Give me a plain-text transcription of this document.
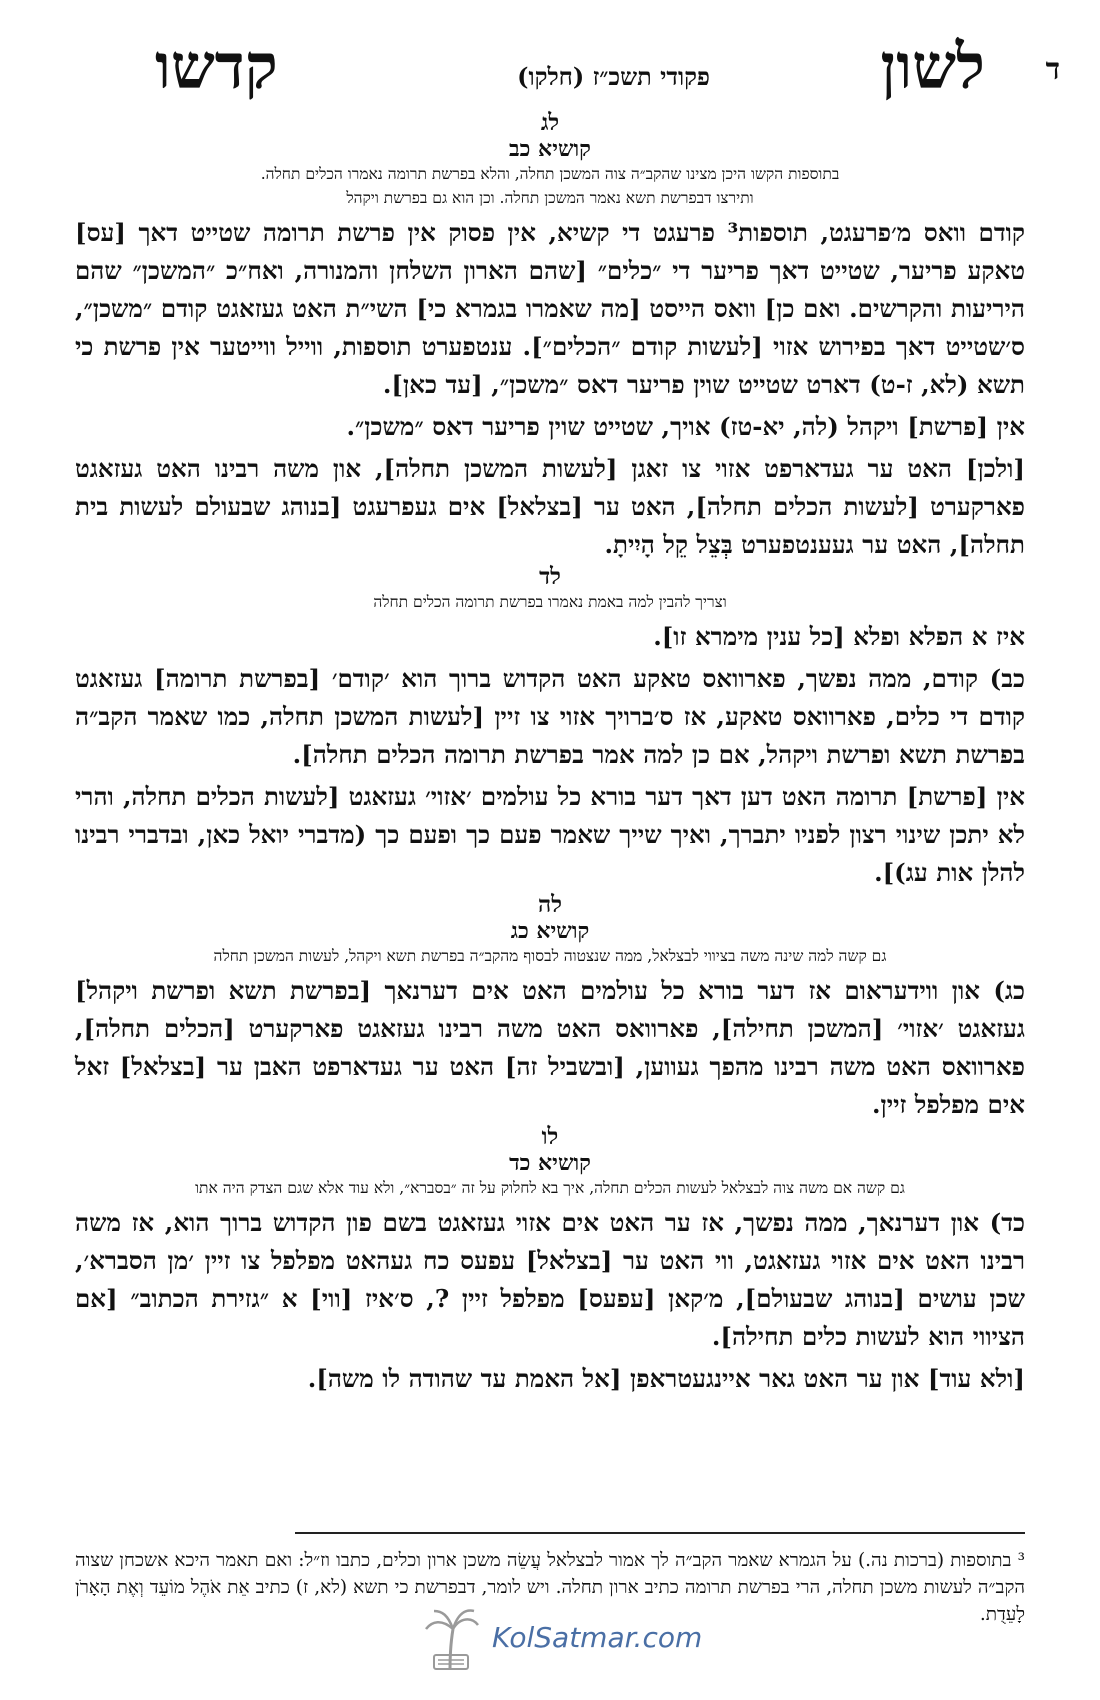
ד
לשון
פקודי תשכ״ז (חלקו)
קדשו
לג
קושיא כב
בתוספות הקשו היכן מצינו שהקב״ה צוה המשכן תחלה, והלא בפרשת תרומה נאמרו הכלים תחלה.
ותירצו דבפרשת תשא נאמר המשכן תחלה. וכן הוא גם בפרשת ויקהל

קודם וואס מ׳פרעגט, תוספות³ פרעגט די קשיא, אין פסוק אין פרשת תרומה שטייט דאך [עס] טאקע פריער, שטייט דאך פריער די ״כלים״ [שהם הארון השלחן והמנורה, ואח״כ ״המשכן״ שהם היריעות והקרשים. ואם כן] וואס הייסט [מה שאמרו בגמרא כי] השי״ת האט געזאגט קודם ״משכן״, ס׳שטייט דאך בפירוש אזוי [לעשות קודם ״הכלים״]. ענטפערט תוספות, ווייל ווייטער אין פרשת כי תשא (לא, ז-ט) דארט שטייט שוין פריער דאס ״משכן״, [עד כאן].

אין [פרשת] ויקהל (לה, יא-טז) אויך, שטייט שוין פריער דאס ״משכן״.

[ולכן] האט ער געדארפט אזוי צו זאגן [לעשות המשכן תחלה], און משה רבינו האט געזאגט פארקערט [לעשות הכלים תחלה], האט ער [בצלאל] אים געפרעגט [בנוהג שבעולם לעשות בית תחלה], האט ער געענטפערט בְּצֵל קֵל הָיִיתָ.

לד
וצריך להבין למה באמת נאמרו בפרשת תרומה הכלים תחלה

איז א הפלא ופלא [כל ענין מימרא זו].

כב) קודם, ממה נפשך, פארוואס טאקע האט הקדוש ברוך הוא ׳קודם׳ [בפרשת תרומה] געזאגט קודם די כלים, פארוואס טאקע, אז ס׳ברויך אזוי צו זיין [לעשות המשכן תחלה, כמו שאמר הקב״ה בפרשת תשא ופרשת ויקהל, אם כן למה אמר בפרשת תרומה הכלים תחלה].

אין [פרשת] תרומה האט דען דאך דער בורא כל עולמים ׳אזוי׳ געזאגט [לעשות הכלים תחלה, והרי לא יתכן שינוי רצון לפניו יתברך, ואיך שייך שאמר פעם כך ופעם כך (מדברי יואל כאן, ובדברי רבינו להלן אות עג)].

לה
קושיא כג
גם קשה למה שינה משה בציווי לבצלאל, ממה שנצטוה לבסוף מהקב״ה בפרשת תשא ויקהל, לעשות המשכן תחלה

כג) און ווידעראום אז דער בורא כל עולמים האט אים דערנאך [בפרשת תשא ופרשת ויקהל] געזאגט ׳אזוי׳ [המשכן תחילה], פארוואס האט משה רבינו געזאגט פארקערט [הכלים תחלה], פארוואס האט משה רבינו מהפך געווען, [ובשביל זה] האט ער געדארפט האבן ער [בצלאל] זאל אים מפלפל זיין.

לו
קושיא כד
גם קשה אם משה צוה לבצלאל לעשות הכלים תחלה, איך בא לחלוק על זה ״בסברא״, ולא עוד אלא שגם הצדק היה אתו

כד) און דערנאך, ממה נפשך, אז ער האט אים אזוי געזאגט בשם פון הקדוש ברוך הוא, אז משה רבינו האט אים אזוי געזאגט, ווי האט ער [בצלאל] עפעס כח געהאט מפלפל צו זיין ׳מן הסברא׳, שכן עושים [בנוהג שבעולם], מ׳קאן [עפעס] מפלפל זיין ?, ס׳איז [ווי] א ״גזירת הכתוב״ [אם הציווי הוא לעשות כלים תחילה].

[ולא עוד] און ער האט גאר איינגעטראפן [אל האמת עד שהודה לו משה].

³ בתוספות (ברכות נה.) על הגמרא שאמר הקב״ה לך אמור לבצלאל עֲשֵׂה משכן ארון וכלים, כתבו וז״ל: ואם תאמר היכא אשכחן שצוה הקב״ה לעשות משכן תחלה, הרי בפרשת תרומה כתיב ארון תחלה. ויש לומר, דבפרשת כי תשא (לא, ז) כתיב אֵת אֹהֶל מוֹעֵד וְאֶת הָאָרֹן לָעֵדֻת.

KolSatmar.com
